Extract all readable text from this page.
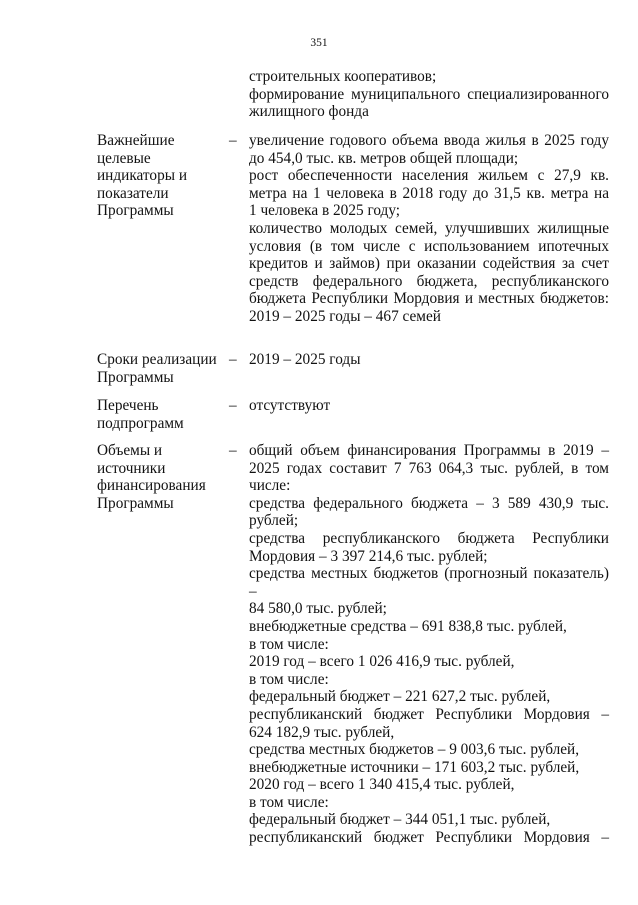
351

строительных кооперативов;

формирование муниципального специализированного

жилищного фонда

Важнейшие
целевые
индикаторы и
показатели
Программы
– увеличение годового объема ввода жилья в 2025 году

до 454,0 тыс. кв. метров общей площади;

рост обеспеченности населения жильем с 27,9 кв.

метра на 1 человека в 2018 году до 31,5 кв. метра на

1 человека в 2025 году;

количество молодых семей, улучшивших жилищные

условия (в том числе с использованием ипотечных

кредитов и займов) при оказании содействия за счет

средств федерального бюджета, республиканского

бюджета Республики Мордовия и местных бюджетов:

2019 – 2025 годы – 467 семей

Сроки реализации
Программы
– 2019 – 2025 годы

Перечень
подпрограмм
– отсутствуют

Объемы и
источники
финансирования
Программы
– общий объем финансирования Программы в 2019 –

2025 годах составит 7 763 064,3 тыс. рублей, в том

числе:

средства федерального бюджета – 3 589 430,9 тыс.

рублей;

средства республиканского бюджета Республики

Мордовия – 3 397 214,6 тыс. рублей;

средства местных бюджетов (прогнозный показатель) –

84 580,0 тыс. рублей;

внебюджетные средства – 691 838,8 тыс. рублей,

в том числе:

2019 год – всего 1 026 416,9 тыс. рублей,

в том числе:

федеральный бюджет – 221 627,2 тыс. рублей,

республиканский бюджет Республики Мордовия –

624 182,9 тыс. рублей,

средства местных бюджетов – 9 003,6 тыс. рублей,

внебюджетные источники – 171 603,2 тыс. рублей,

2020 год – всего 1 340 415,4 тыс. рублей,

в том числе:

федеральный бюджет – 344 051,1 тыс. рублей,

республиканский бюджет Республики Мордовия –
